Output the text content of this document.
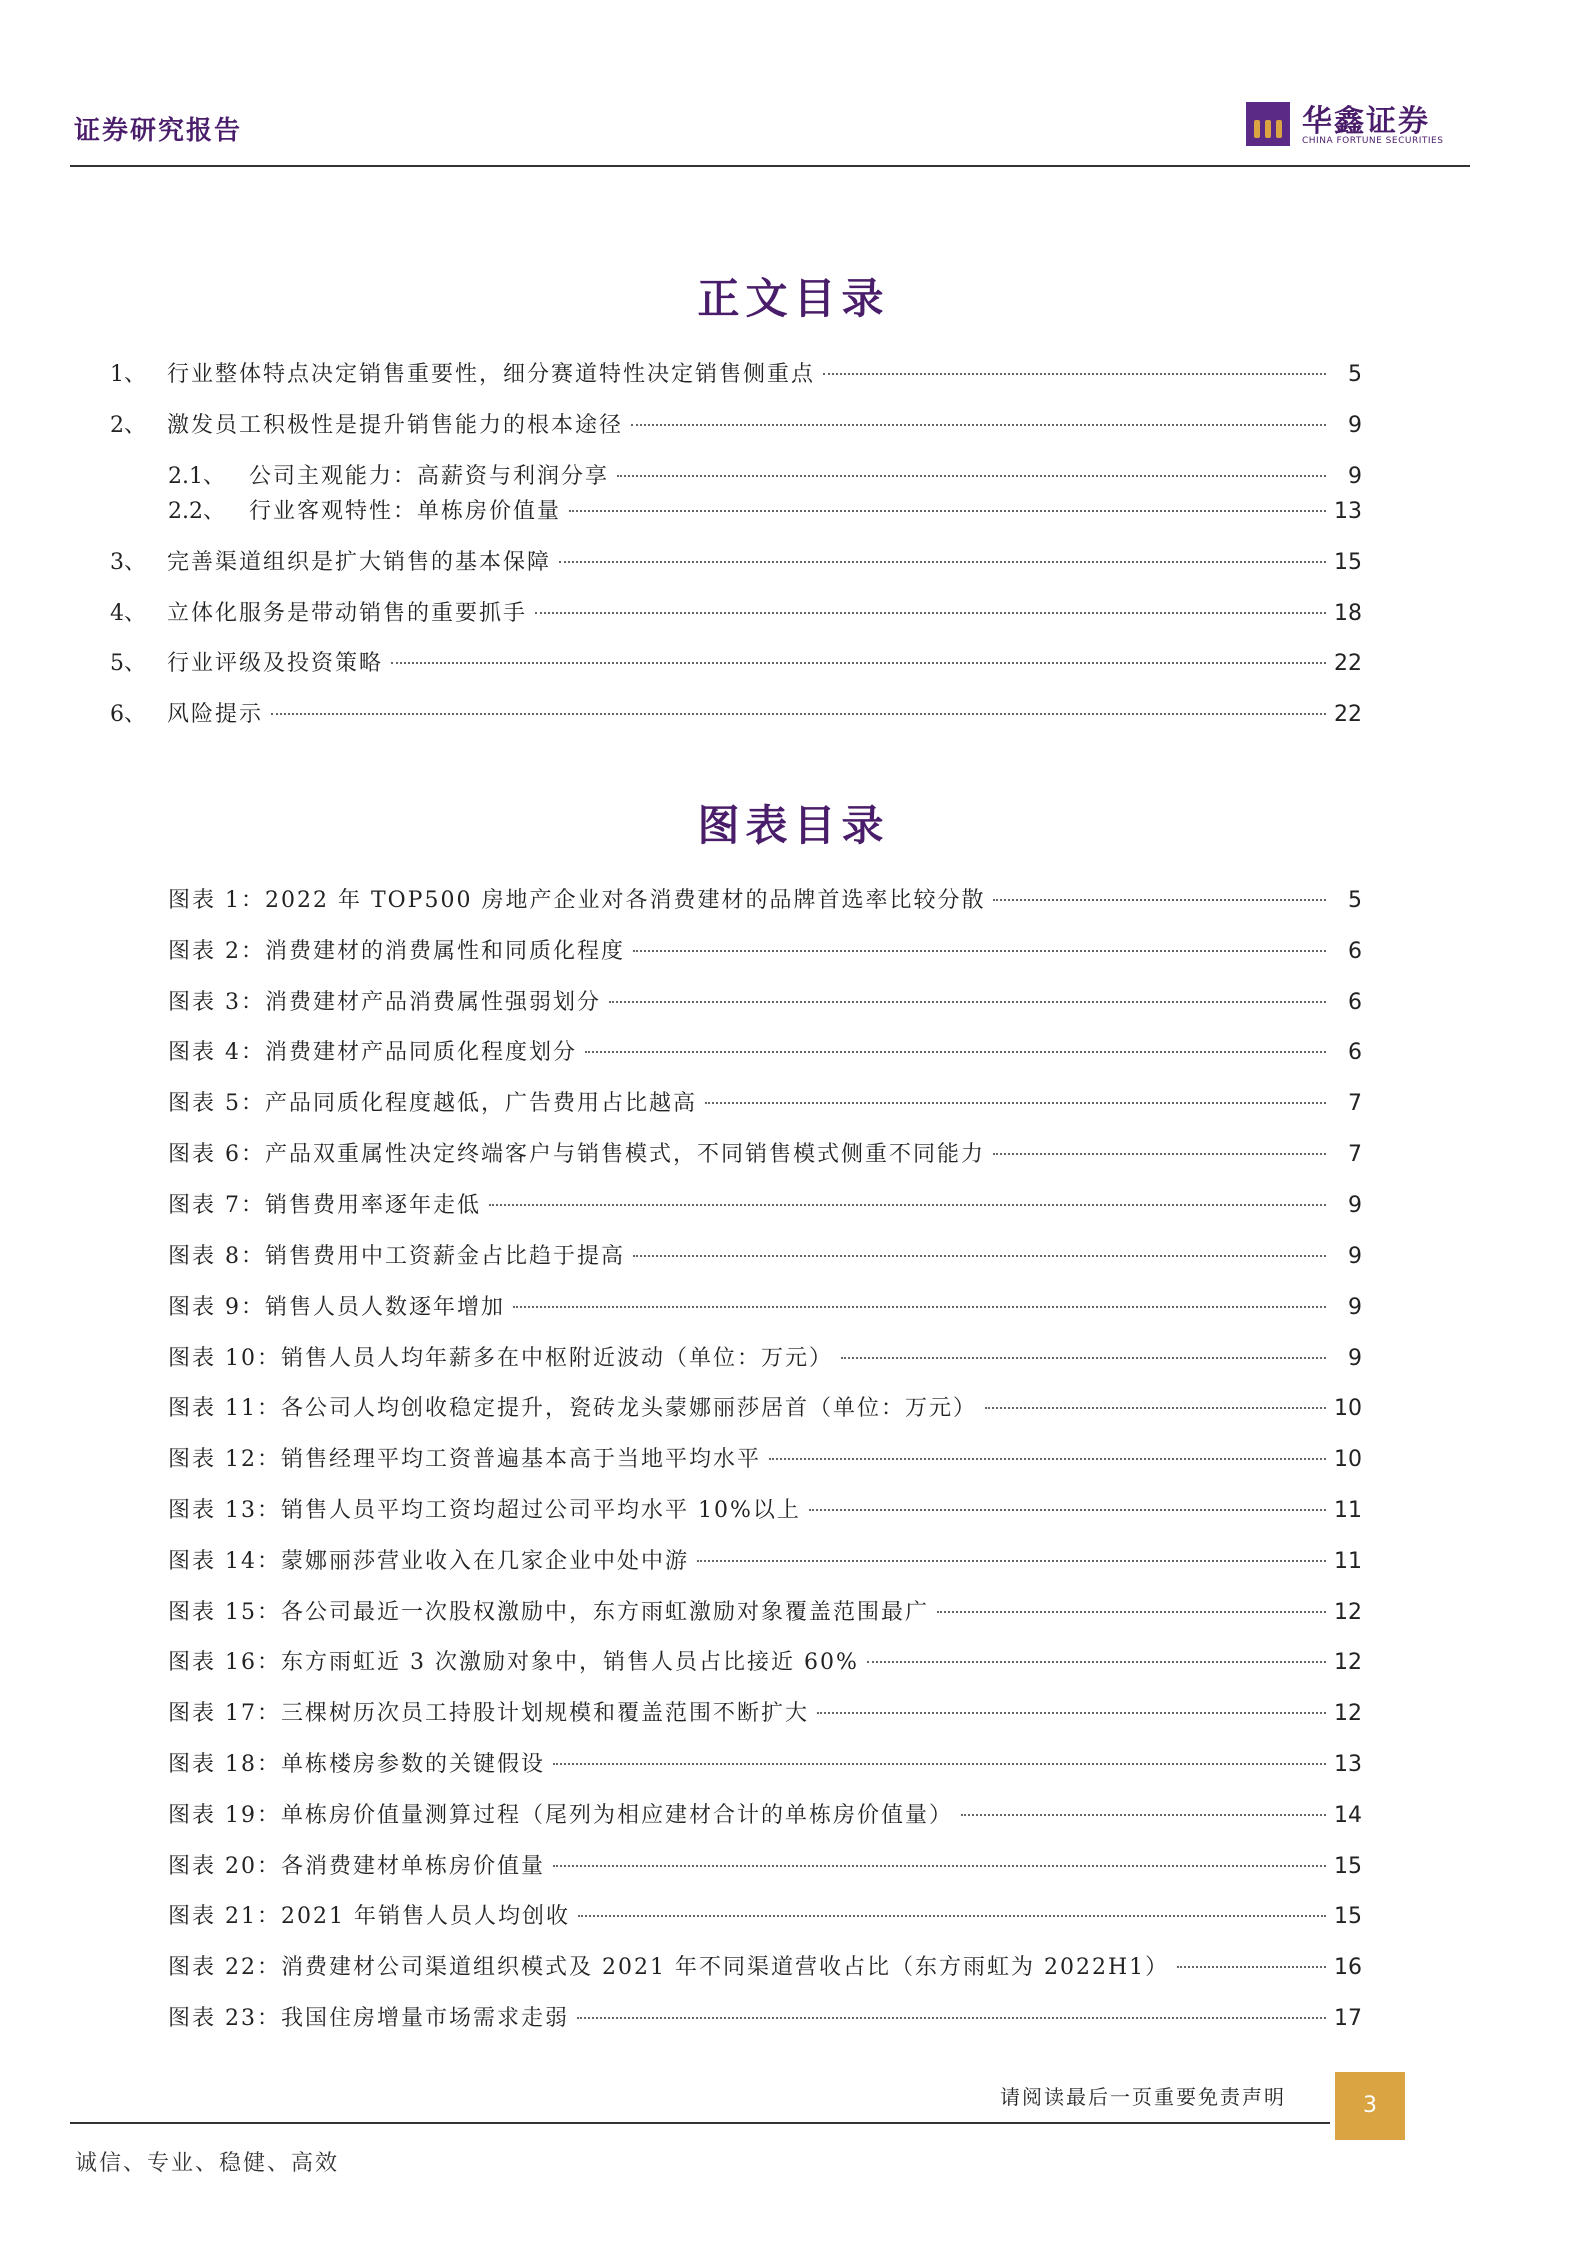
证券研究报告	华鑫证券
CHINA FORTUNE SECURITIES
正文目录
1、 行业整体特点决定销售重要性，细分赛道特性决定销售侧重点	5
2、 激发员工积极性是提升销售能力的根本途径	9
2.1、	公司主观能力：高薪资与利润分享	9
2.2、	行业客观特性：单栋房价值量	13
3、 完善渠道组织是扩大销售的基本保障	15
4、 立体化服务是带动销售的重要抓手	18
5、 行业评级及投资策略	22
6、 风险提示	22
图表目录
图表 1：2022 年 TOP500 房地产企业对各消费建材的品牌首选率比较分散	5
图表 2：消费建材的消费属性和同质化程度	6
图表 3：消费建材产品消费属性强弱划分	6
图表 4：消费建材产品同质化程度划分	6
图表 5：产品同质化程度越低，广告费用占比越高	7
图表 6：产品双重属性决定终端客户与销售模式，不同销售模式侧重不同能力	7
图表 7：销售费用率逐年走低	9
图表 8：销售费用中工资薪金占比趋于提高	9
图表 9：销售人员人数逐年增加	9
图表 10：销售人员人均年薪多在中枢附近波动（单位：万元）	9
图表 11：各公司人均创收稳定提升，瓷砖龙头蒙娜丽莎居首（单位：万元）	10
图表 12：销售经理平均工资普遍基本高于当地平均水平	10
图表 13：销售人员平均工资均超过公司平均水平 10%以上	11
图表 14：蒙娜丽莎营业收入在几家企业中处中游	11
图表 15：各公司最近一次股权激励中，东方雨虹激励对象覆盖范围最广	12
图表 16：东方雨虹近 3 次激励对象中，销售人员占比接近 60%	12
图表 17：三棵树历次员工持股计划规模和覆盖范围不断扩大	12
图表 18：单栋楼房参数的关键假设	13
图表 19：单栋房价值量测算过程（尾列为相应建材合计的单栋房价值量）	14
图表 20：各消费建材单栋房价值量	15
图表 21：2021 年销售人员人均创收	15
图表 22：消费建材公司渠道组织模式及 2021 年不同渠道营收占比（东方雨虹为 2022H1）	16
图表 23：我国住房增量市场需求走弱	17
请阅读最后一页重要免责声明	3
诚信、专业、稳健、高效
